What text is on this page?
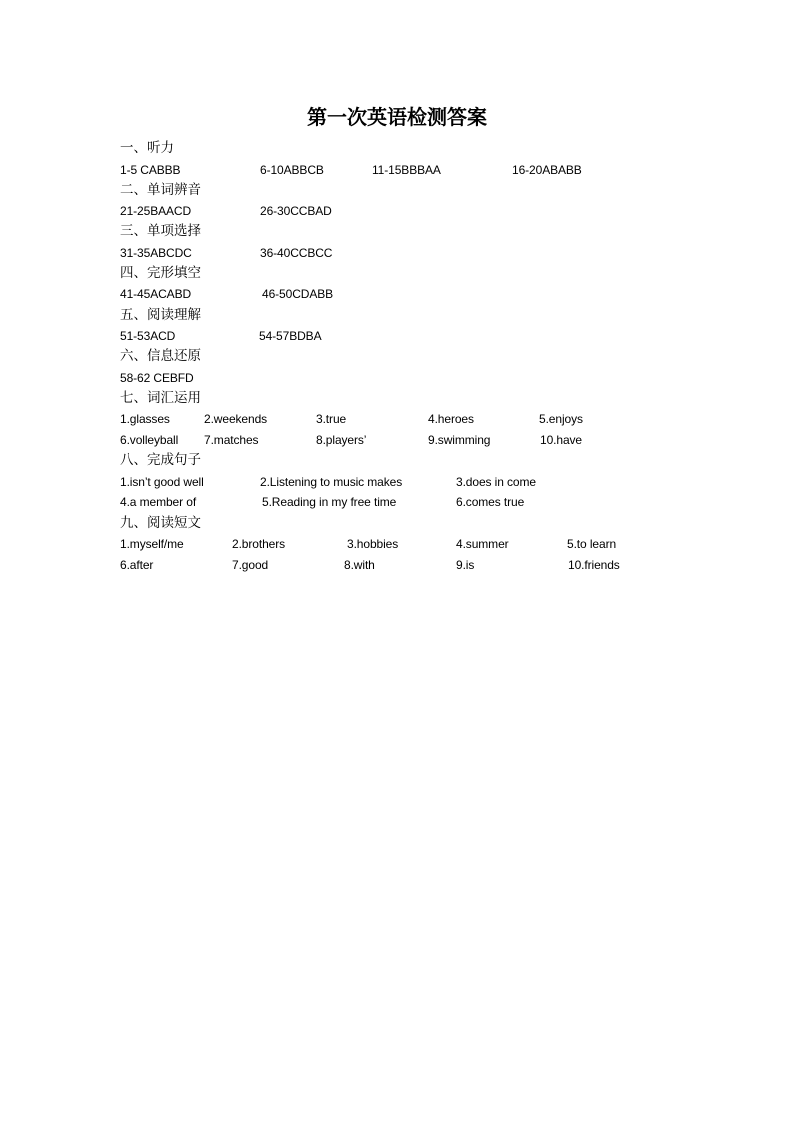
第一次英语检测答案
一、听力
1-5 CABBB	6-10ABBCB	11-15BBBAA	16-20ABABB
二、单词辨音
21-25BAACD	26-30CCBAD
三、单项选择
31-35ABCDC	36-40CCBCC
四、完形填空
41-45ACABD	46-50CDABB
五、阅读理解
51-53ACD	54-57BDBA
六、信息还原
58-62 CEBFD
七、词汇运用
1.glasses	2.weekends	3.true	4.heroes	5.enjoys
6.volleyball 7.matches	8.players’	9.swimming	10.have
八、完成句子
1.isn’t good well	2.Listening to music makes	3.does in come
4.a member of	5.Reading in my free time	6.comes true
九、阅读短文
1.myself/me	2.brothers	3.hobbies	4.summer	5.to learn
6.after	7.good	8.with	9.is	10.friends
